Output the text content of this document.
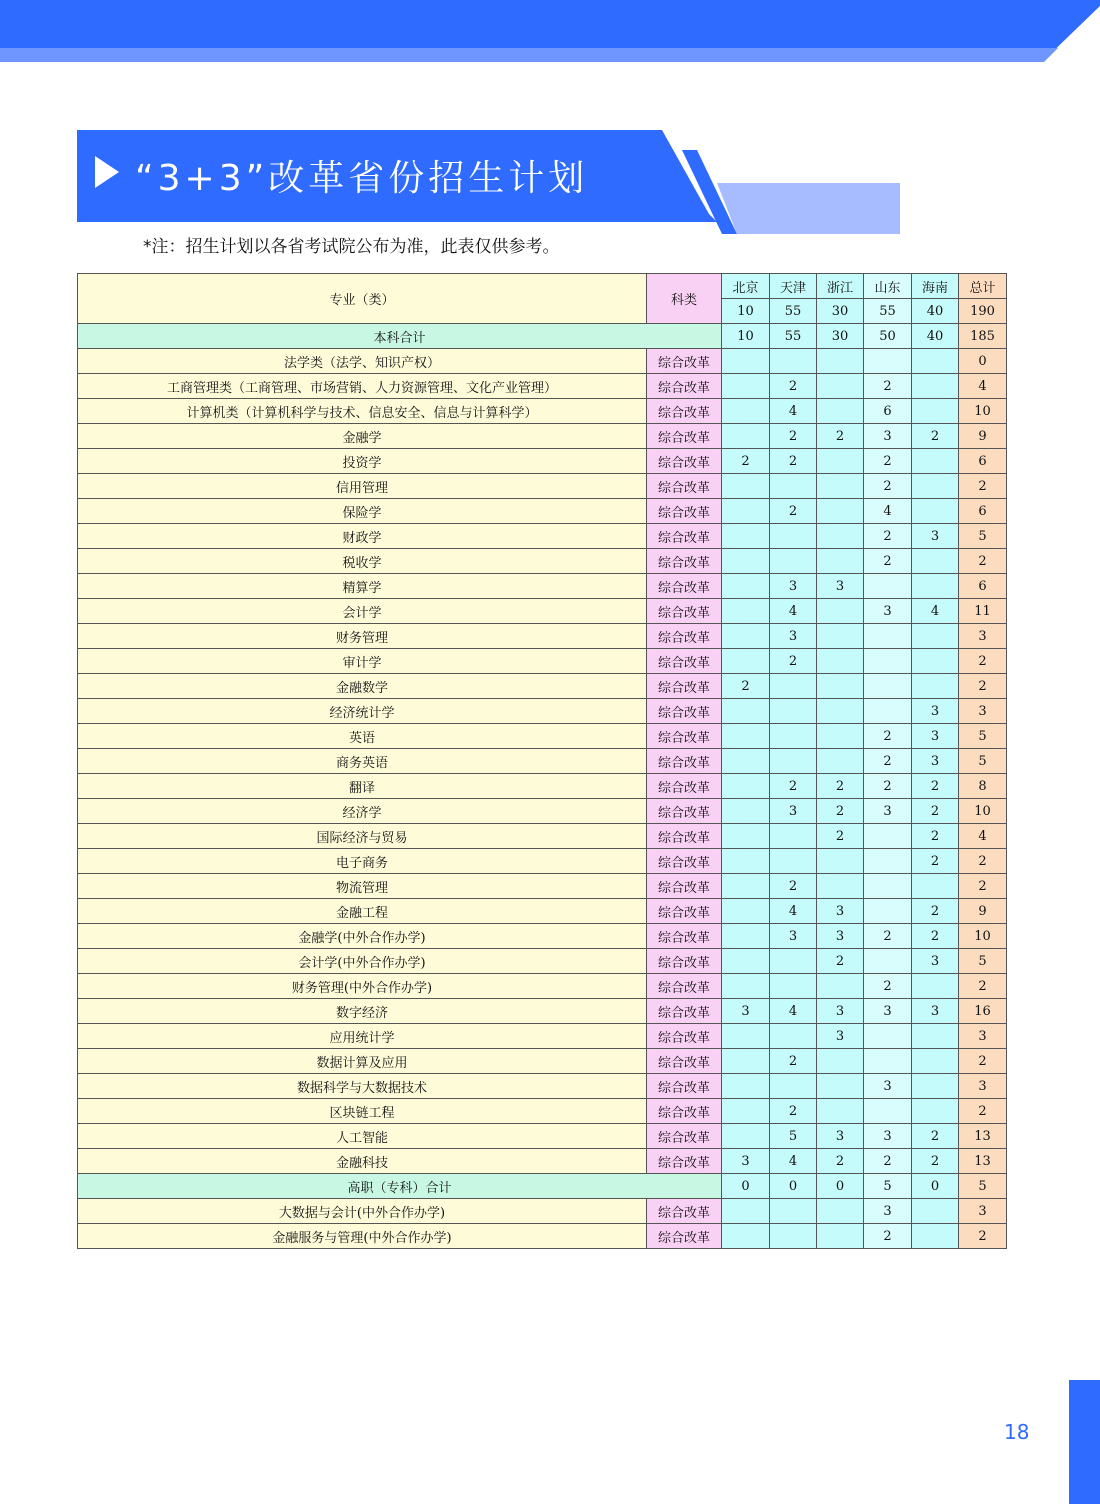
“3+3”改革省份招生计划
*注：招生计划以各省考试院公布为准，此表仅供参考。
专业（类）	科类	北京	天津	浙江	山东	海南	总计
		10	55	30	55	40	190
本科合计		10	55	30	50	40	185
法学类（法学、知识产权）	综合改革						0
工商管理类（工商管理、市场营销、人力资源管理、文化产业管理）	综合改革		2		2		4
计算机类（计算机科学与技术、信息安全、信息与计算科学）	综合改革		4		6		10
金融学	综合改革		2	2	3	2	9
投资学	综合改革	2	2		2		6
信用管理	综合改革				2		2
保险学	综合改革		2		4		6
财政学	综合改革				2	3	5
税收学	综合改革				2		2
精算学	综合改革		3	3			6
会计学	综合改革		4		3	4	11
财务管理	综合改革		3				3
审计学	综合改革		2				2
金融数学	综合改革	2					2
经济统计学	综合改革					3	3
英语	综合改革				2	3	5
商务英语	综合改革				2	3	5
翻译	综合改革		2	2	2	2	8
经济学	综合改革		3	2	3	2	10
国际经济与贸易	综合改革			2		2	4
电子商务	综合改革					2	2
物流管理	综合改革		2				2
金融工程	综合改革		4	3		2	9
金融学(中外合作办学)	综合改革		3	3	2	2	10
会计学(中外合作办学)	综合改革			2		3	5
财务管理(中外合作办学)	综合改革				2		2
数字经济	综合改革	3	4	3	3	3	16
应用统计学	综合改革			3			3
数据计算及应用	综合改革		2				2
数据科学与大数据技术	综合改革				3		3
区块链工程	综合改革		2				2
人工智能	综合改革		5	3	3	2	13
金融科技	综合改革	3	4	2	2	2	13
高职（专科）合计		0	0	0	5	0	5
大数据与会计(中外合作办学)	综合改革				3		3
金融服务与管理(中外合作办学)	综合改革				2		2
18
